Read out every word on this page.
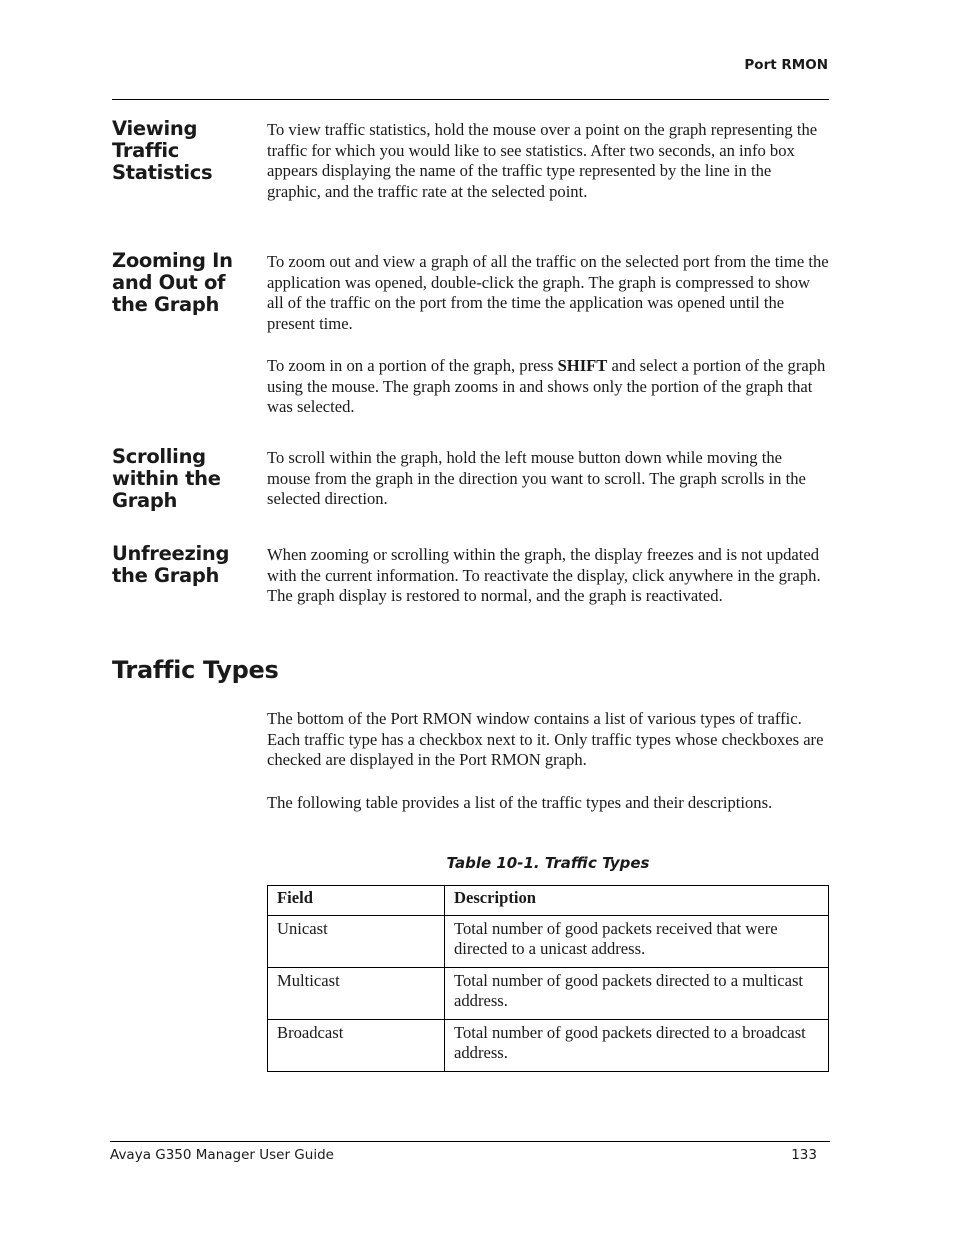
Port RMON
Viewing
Traffic
Statistics

To view traffic statistics, hold the mouse over a point on the graph representing the traffic for which you would like to see statistics. After two seconds, an info box appears displaying the name of the traffic type represented by the line in the graphic, and the traffic rate at the selected point.

Zooming In
and Out of
the Graph

To zoom out and view a graph of all the traffic on the selected port from the time the application was opened, double-click the graph. The graph is compressed to show all of the traffic on the port from the time the application was opened until the present time.

To zoom in on a portion of the graph, press SHIFT and select a portion of the graph using the mouse. The graph zooms in and shows only the portion of the graph that was selected.

Scrolling
within the
Graph

To scroll within the graph, hold the left mouse button down while moving the mouse from the graph in the direction you want to scroll. The graph scrolls in the selected direction.

Unfreezing
the Graph

When zooming or scrolling within the graph, the display freezes and is not updated with the current information. To reactivate the display, click anywhere in the graph. The graph display is restored to normal, and the graph is reactivated.

Traffic Types

The bottom of the Port RMON window contains a list of various types of traffic. Each traffic type has a checkbox next to it. Only traffic types whose checkboxes are checked are displayed in the Port RMON graph.

The following table provides a list of the traffic types and their descriptions.

Table 10-1. Traffic Types
Field	Description
Unicast	Total number of good packets received that were directed to a unicast address.
Multicast	Total number of good packets directed to a multicast address.
Broadcast	Total number of good packets directed to a broadcast address.
Avaya G350 Manager User Guide	133
